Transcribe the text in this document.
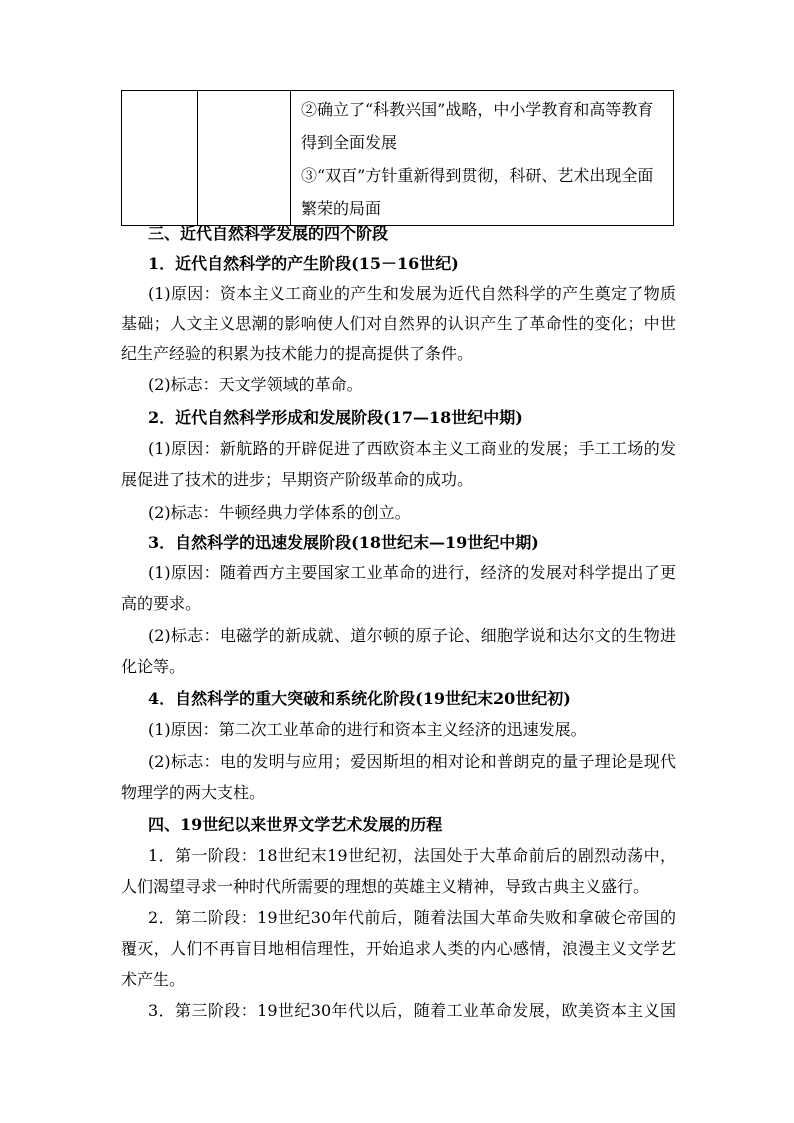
②确立了“科教兴国”战略，中小学教育和高等教育
得到全面发展
③“双百”方针重新得到贯彻，科研、艺术出现全面
繁荣的局面
三、近代自然科学发展的四个阶段
1．近代自然科学的产生阶段(15－16世纪)
(1)原因：资本主义工商业的产生和发展为近代自然科学的产生奠定了物质
基础；人文主义思潮的影响使人们对自然界的认识产生了革命性的变化；中世
纪生产经验的积累为技术能力的提高提供了条件。
(2)标志：天文学领域的革命。
2．近代自然科学形成和发展阶段(17—18世纪中期)
(1)原因：新航路的开辟促进了西欧资本主义工商业的发展；手工工场的发
展促进了技术的进步；早期资产阶级革命的成功。
(2)标志：牛顿经典力学体系的创立。
3．自然科学的迅速发展阶段(18世纪末—19世纪中期)
(1)原因：随着西方主要国家工业革命的进行，经济的发展对科学提出了更
高的要求。
(2)标志：电磁学的新成就、道尔顿的原子论、细胞学说和达尔文的生物进
化论等。
4．自然科学的重大突破和系统化阶段(19世纪末20世纪初)
(1)原因：第二次工业革命的进行和资本主义经济的迅速发展。
(2)标志：电的发明与应用；爱因斯坦的相对论和普朗克的量子理论是现代
物理学的两大支柱。
四、19世纪以来世界文学艺术发展的历程
1．第一阶段：18世纪末19世纪初，法国处于大革命前后的剧烈动荡中，
人们渴望寻求一种时代所需要的理想的英雄主义精神，导致古典主义盛行。
2．第二阶段：19世纪30年代前后，随着法国大革命失败和拿破仑帝国的
覆灭，人们不再盲目地相信理性，开始追求人类的内心感情，浪漫主义文学艺
术产生。
3．第三阶段：19世纪30年代以后，随着工业革命发展，欧美资本主义国
